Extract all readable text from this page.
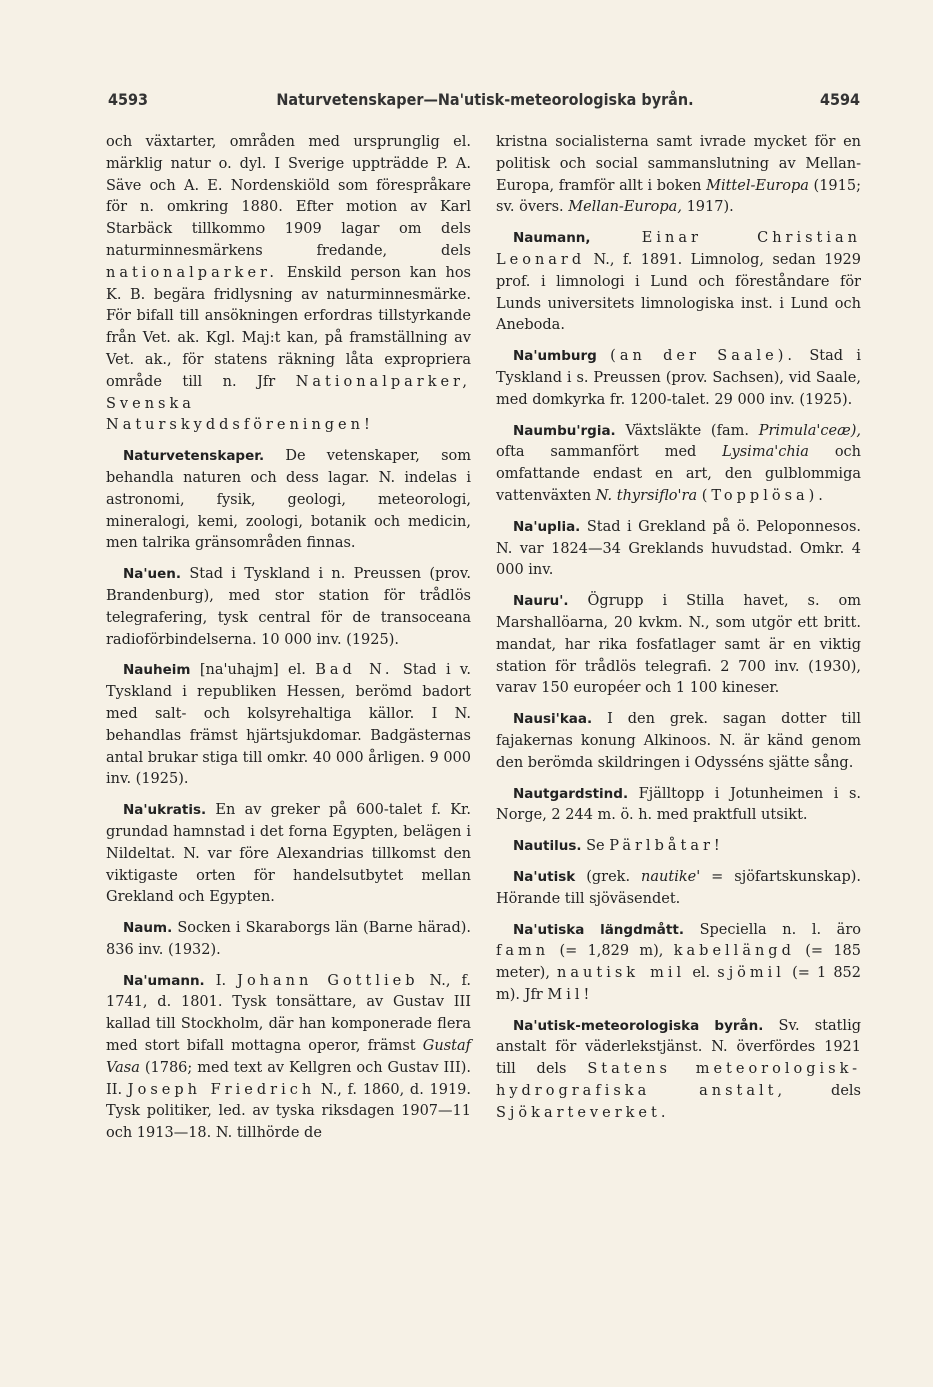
4593	Naturvetenskaper—Na'utisk-meteorologiska byrån.	4594

och växtarter, områden med ursprunglig el. märklig natur o. dyl. I Sverige uppträdde P. A. Säve och A. E. Nordenskiöld som förespråkare för n. omkring 1880. Efter motion av Karl Starbäck tillkommo 1909 lagar om dels naturminnesmärkens fredande, dels nationalparker. Enskild person kan hos K. B. begära fridlysning av naturminnesmärke. För bifall till ansökningen erfordras tillstyrkande från Vet. ak. Kgl. Maj:t kan, på framställning av Vet. ak., för statens räkning låta expropriera område till n. Jfr Nationalparker, Svenska Naturskyddsföreningen!

Naturvetenskaper. De vetenskaper, som behandla naturen och dess lagar. N. indelas i astronomi, fysik, geologi, meteorologi, mineralogi, kemi, zoologi, botanik och medicin, men talrika gränsområden finnas.

Na'uen. Stad i Tyskland i n. Preussen (prov. Brandenburg), med stor station för trådlös telegrafering, tysk central för de transoceana radioförbindelserna. 10 000 inv. (1925).

Nauheim [na'uhajm] el. Bad N. Stad i v. Tyskland i republiken Hessen, berömd badort med salt- och kolsyrehaltiga källor. I N. behandlas främst hjärtsjukdomar. Badgästernas antal brukar stiga till omkr. 40 000 årligen. 9 000 inv. (1925).

Na'ukratis. En av greker på 600-talet f. Kr. grundad hamnstad i det forna Egypten, belägen i Nildeltat. N. var före Alexandrias tillkomst den viktigaste orten för handelsutbytet mellan Grekland och Egypten.

Naum. Socken i Skaraborgs län (Barne härad). 836 inv. (1932).

Na'umann. I. Johann Gottlieb N., f. 1741, d. 1801. Tysk tonsättare, av Gustav III kallad till Stockholm, där han komponerade flera med stort bifall mottagna operor, främst Gustaf Vasa (1786; med text av Kellgren och Gustav III). II. Joseph Friedrich N., f. 1860, d. 1919. Tysk politiker, led. av tyska riksdagen 1907—11 och 1913—18. N. tillhörde de

kristna socialisterna samt ivrade mycket för en politisk och social sammanslutning av Mellan-Europa, framför allt i boken Mittel-Europa (1915; sv. övers. Mellan-Europa, 1917).

Naumann,	Einar Christian Leonard N., f. 1891. Limnolog, sedan 1929 prof. i limnologi i Lund och föreståndare för Lunds universitets limnologiska inst. i Lund och Aneboda.

Na'umburg (an der Saale). Stad i Tyskland i s. Preussen (prov. Sachsen), vid Saale, med domkyrka fr. 1200-talet. 29 000 inv. (1925).

Naumbu'rgia. Växtsläkte (fam. Primula'ceæ), ofta sammanfört med Lysima'chia och omfattande endast en art, den gulblommiga vattenväxten N. thyrsiflo'ra (Topplösa).

Na'uplia. Stad i Grekland på ö. Peloponnesos. N. var 1824—34 Greklands huvudstad. Omkr. 4 000 inv.

Nauru'. Ögrupp i Stilla havet, s. om Marshallöarna, 20 kvkm. N., som utgör ett britt. mandat, har rika fosfatlager samt är en viktig station för trådlös telegrafi. 2 700 inv. (1930), varav 150 européer och 1 100 kineser.

Nausi'kaa. I den grek. sagan dotter till fajakernas konung Alkinoos. N. är känd genom den berömda skildringen i Odysséns sjätte sång.

Nautgardstind. Fjälltopp i Jotunheimen i s. Norge, 2 244 m. ö. h. med praktfull utsikt.

Nautilus. Se Pärlbåtar!

Na'utisk (grek. nautike' = sjöfartskunskap). Hörande till sjöväsendet.

Na'utiska längdmått. Speciella n. l. äro famn (= 1,829 m), kabellängd (= 185 meter), nautisk mil el. sjömil (= 1 852 m). Jfr Mil!

Na'utisk-meteorologiska byrån. Sv. statlig anstalt för väderlekstjänst. N. överfördes 1921 till dels Statens meteorologisk-hydrografiska anstalt,	dels Sjökarteverket.
